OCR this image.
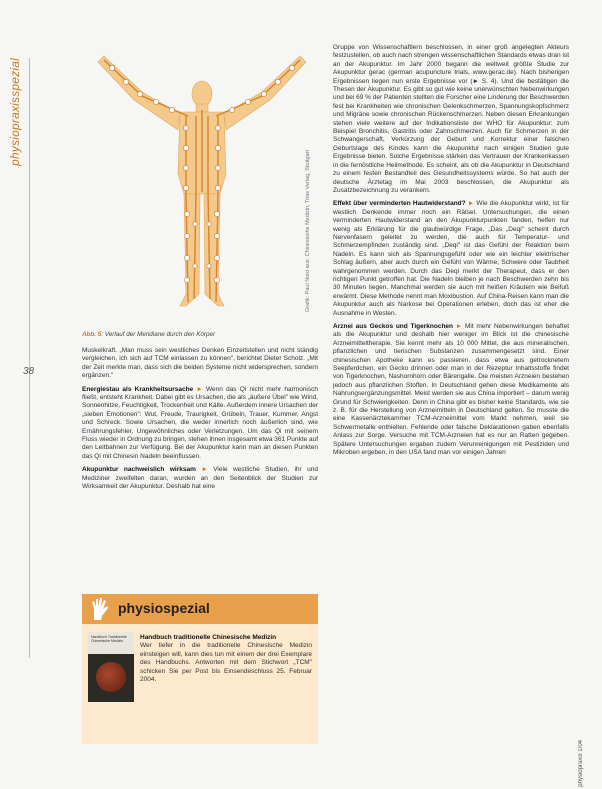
physiopraxisspezial
38
Grafik: Paul Nord aus: Chinesische Medizin, Trias Verlag, Stuttgart
Abb. 5: Verlauf der Meridiane durch den Körper

Muskelkraft. „Man muss sein westliches Denken Einzeitstellen und nicht ständig vergleichen, ich sich auf TCM einlassen zu können", berichtet Dieter Scholz. „Mit der Zeit merkte man, dass sich die beiden Systeme nicht widersprechen, sondern ergänzen."

Energiestau als Krankheitsursache ► Wenn das Qi nicht mehr harmonisch fließt, entsteht Krankheit. Dabei gibt es Ursachen, die als „äußere Übel" wie Wind, Sonnenhitze, Feuchtigkeit, Trockenheit und Kälte. Außerdem innere Ursachen der „sieben Emotionen": Wut, Freude, Traurigkeit, Grübeln, Trauer, Kummer, Angst und Schreck. Sowie Ursachen, die weder innerlich noch äußerlich sind, wie Ernährungsfehler, Ungewöhnliches oder Verletzungen. Um das Qi mit seinem Fluss wieder in Ordnung zu bringen, stehen ihnen insgesamt etwa 361 Punkte auf den Leitbahnen zur Verfügung. Bei der Akupunktur kann man an diesen Punkten das Qi mit Chinesin Nadeln beeinflussen.

Akupunktur nachweislich wirksam ► Viele westliche Studien, ihr und Mediziner zweifelten daran, wurden an den Seitenblick der Studien zur Wirksamkeit der Akupunktur. Deshalb hat eine

physiospezial
Handbuch Traditionelle Chinesische Medizin	Handbuch traditionelle Chinesische Medizin
Wer tiefer in die traditionelle Chinesische Medizin einsteigen will, kann dies tun mit einem der drei Exemplare des Handbuchs. Antworten mit dem Stichwort „TCM" schicken Sie per Post bis Einsendeschluss 25. Februar 2004.

Gruppe von Wissenschaftlern beschlossen, in einer groß angelegten Akteurs festzustellen, ob auch nach strengen wissenschaftlichen Standards etwas dran ist an der Akupunktur. Im Jahr 2000 begann die weltweit größte Studie zur Akupunktur gerac (german acupuncture trials, www.gerac.de). Nach bisherigen Ergebnissen liegen nun erste Ergebnisse vor (► S. 4). Und die bestätigen die Thesen der Akupunktur. Es gibt so gut wie keine unerwünschten Nebenwirkungen und bei 69 % der Patienten stellten die Forscher eine Linderung der Beschwerden fest bei Krankheiten wie chronischen Gelenkschmerzen, Spannungskopfschmerz und Migräne sowie chronischen Rückenschmerzen. Neben diesen Erkrankungen stehen viele weitere auf der Indikationsliste der WHO für Akupunktur: zum Beispiel Bronchitis, Gastritis oder Zahnschmerzen. Auch für Schmerzen in der Schwangerschaft, Verkürzung der Geburt und Korrektur einer falschen Geburtslage des Kindes kann die Akupunktur nach einigen Studien gute Ergebnisse bieten. Solche Ergebnisse stärken das Vertrauen der Krankenkassen in die fernöstliche Heilmethode. Es scheint, als ob die Akupunktur in Deutschland zu einem festen Bestandteil des Gesundheitssystems würde. So hat auch der deutsche Ärztetag im Mai 2003 beschlossen, die Akupunktur als Zusatzbezeichnung zu verankern.

Effekt über verminderten Hautwiderstand? ► Wie die Akupunktur wirkt, ist für westlich Denkende immer noch ein Rätsel. Untersuchungen, die einen verminderten Hautwiderstand an den Akupunkturpunkten fanden, helfen nur wenig als Erklärung für die glaubwürdige Frage. „Das „Deqi" scheint durch Nervenfasern geleitet zu werden, die auch für Temperatur- und Schmerzempfinden zuständig sind. „Deqi" ist das Gefühl der Reaktion beim Nadeln. Es kann sich als Spannungsgefühl oder wie ein leichter elektrischer Schlag äußern, aber auch durch ein Gefühl von Wärme, Schwere oder Taubheit wahrgenommen werden. Durch das Deqi merkt der Therapeut, dass er den richtigen Punkt getroffen hat. Die Nadeln bleiben je nach Beschwerden zehn bis 30 Minuten liegen. Manchmal werden sie auch mit heißen Kräutern wie Beifuß erwärmt. Diese Methode nennt man Moxibustion. Auf China-Reisen kann man die Akupunktur auch als Narkose bei Operationen erleben, doch das ist eher die Ausnahme in Westen.

Arznei aus Geckos und Tigerknochen ► Mit mehr Nebenwirkungen behaftet als die Akupunktur und deshalb hier weniger im Blick ist die chinesische Arzneimitteltherapie. Sie kennt mehr als 10 000 Mittel, die aus mineralischen, pflanzlichen und tierischen Substanzen zusammengesetzt sind. Einer chinesischen Apotheke kann es passieren, dass etwa aus getrocknetem Seepferdchen, ein Gecko drinnen oder man in der Rezeptur Inhaltsstoffe findet von Tigerknochen, Nashornhorn oder Bärengalle. Die meisten Arzneien bestehen jedoch aus pflanzlichen Stoffen. In Deutschland gehen diese Medikamente als Nahrungsergänzungsmittel. Meist werden sie aus China importiert – darum wenig Grund für Schwierigkeiten. Denn in China gibt es bisher keine Standards, wie sie z. B. für die Herstellung von Arzneimitteln in Deutschland gelten. So musste die eine Kassenärztekammer TCM-Arzneimittel vom Markt nehmen, weil sie Schwermetalle enthielten. Fehlende oder falsche Deklarationen gaben ebenfalls Anlass zur Sorge. Versuche mit TCM-Arzneien hat es nur an Ratten gegeben. Spätere Untersuchungen ergaben zudem Verunreinigungen mit Pestiziden und Mikroben ergeben, in den USA fand man vor einigen Jahren

physiopraxis 1/04
